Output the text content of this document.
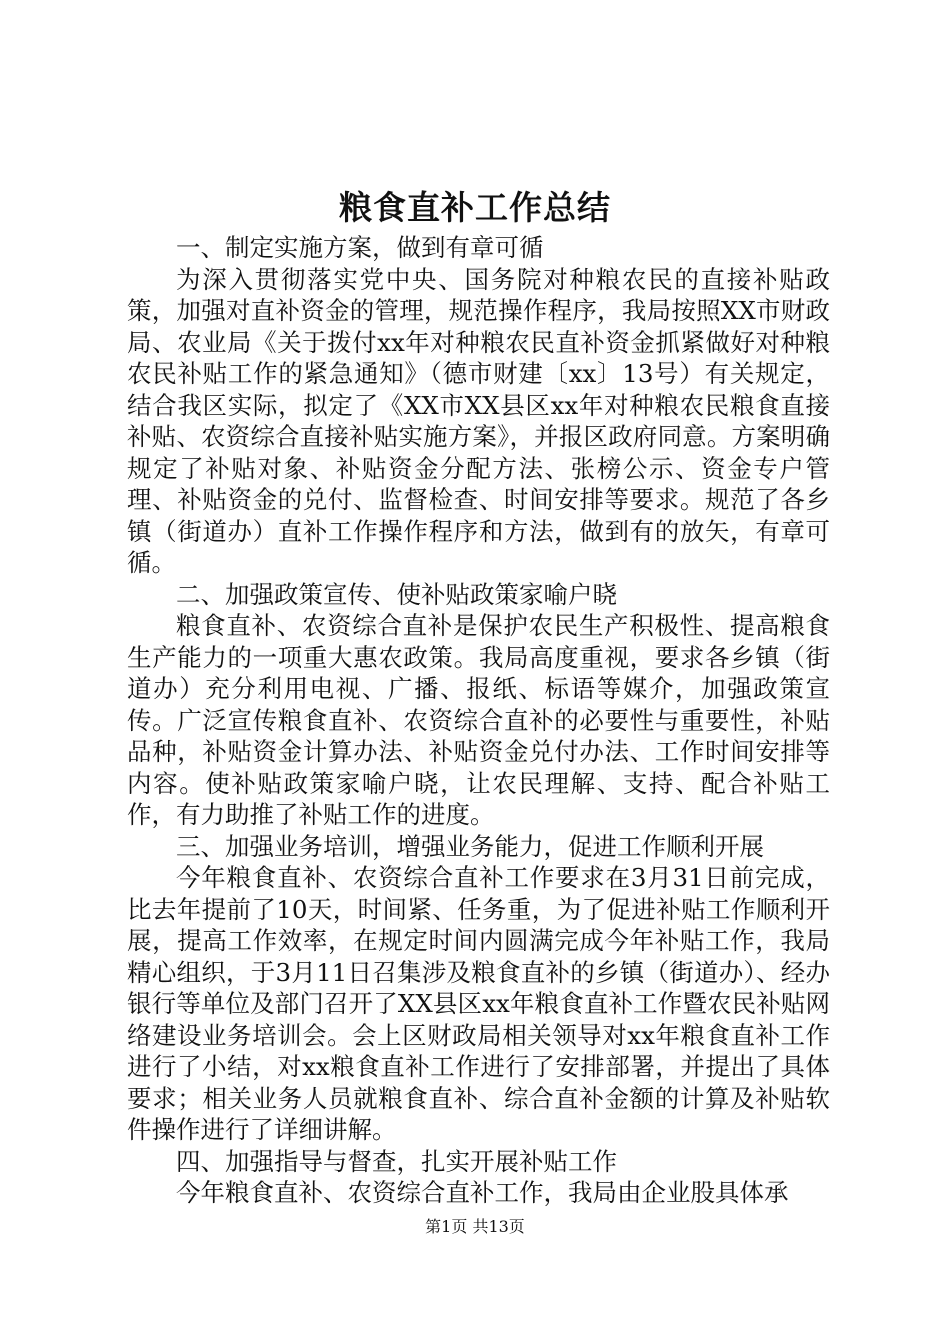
粮食直补工作总结

一、制定实施方案，做到有章可循

为深入贯彻落实党中央、国务院对种粮农民的直接补贴政策，加强对直补资金的管理，规范操作程序，我局按照XX市财政局、农业局《关于拨付xx年对种粮农民直补资金抓紧做好对种粮农民补贴工作的紧急通知》（德市财建〔xx〕13号）有关规定，结合我区实际，拟定了《XX市XX县区xx年对种粮农民粮食直接补贴、农资综合直接补贴实施方案》，并报区政府同意。方案明确规定了补贴对象、补贴资金分配方法、张榜公示、资金专户管理、补贴资金的兑付、监督检查、时间安排等要求。规范了各乡镇（街道办）直补工作操作程序和方法，做到有的放矢，有章可循。

二、加强政策宣传、使补贴政策家喻户晓

粮食直补、农资综合直补是保护农民生产积极性、提高粮食生产能力的一项重大惠农政策。我局高度重视，要求各乡镇（街道办）充分利用电视、广播、报纸、标语等媒介，加强政策宣传。广泛宣传粮食直补、农资综合直补的必要性与重要性，补贴品种，补贴资金计算办法、补贴资金兑付办法、工作时间安排等内容。使补贴政策家喻户晓，让农民理解、支持、配合补贴工作，有力助推了补贴工作的进度。

三、加强业务培训，增强业务能力，促进工作顺利开展

今年粮食直补、农资综合直补工作要求在3月31日前完成，比去年提前了10天，时间紧、任务重，为了促进补贴工作顺利开展，提高工作效率，在规定时间内圆满完成今年补贴工作，我局精心组织，于3月11日召集涉及粮食直补的乡镇（街道办）、经办银行等单位及部门召开了XX县区xx年粮食直补工作暨农民补贴网络建设业务培训会。会上区财政局相关领导对xx年粮食直补工作进行了小结，对xx粮食直补工作进行了安排部署，并提出了具体要求；相关业务人员就粮食直补、综合直补金额的计算及补贴软件操作进行了详细讲解。

四、加强指导与督查，扎实开展补贴工作

今年粮食直补、农资综合直补工作，我局由企业股具体承

第1页 共13页
